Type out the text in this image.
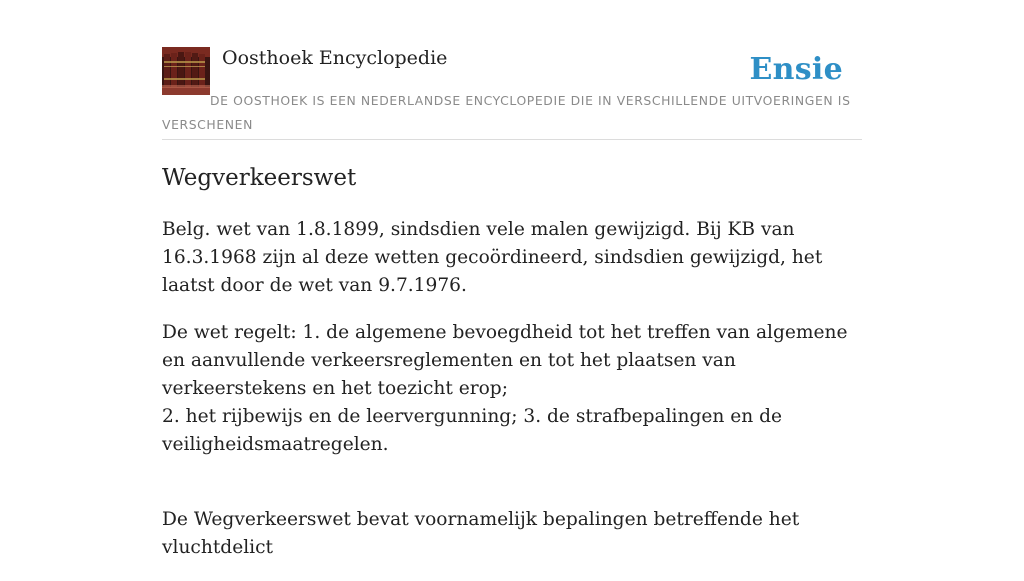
Oosthoek Encyclopedie	Ensie

DE OOSTHOEK IS EEN NEDERLANDSE ENCYCLOPEDIE DIE IN VERSCHILLENDE UITVOERINGEN IS VERSCHENEN

Wegverkeerswet

Belg. wet van 1.8.1899, sindsdien vele malen gewijzigd. Bij KB van 16.3.1968 zijn al deze wetten gecoördineerd, sindsdien gewijzigd, het laatst door de wet van 9.7.1976.

De wet regelt: 1. de algemene bevoegdheid tot het treffen van algemene en aanvullende verkeersreglementen en tot het plaatsen van verkeerstekens en het toezicht erop;
2. het rijbewijs en de leervergunning; 3. de strafbepalingen en de veiligheidsmaatregelen.

De Wegverkeerswet bevat voornamelijk bepalingen betreffende het vluchtdelict
